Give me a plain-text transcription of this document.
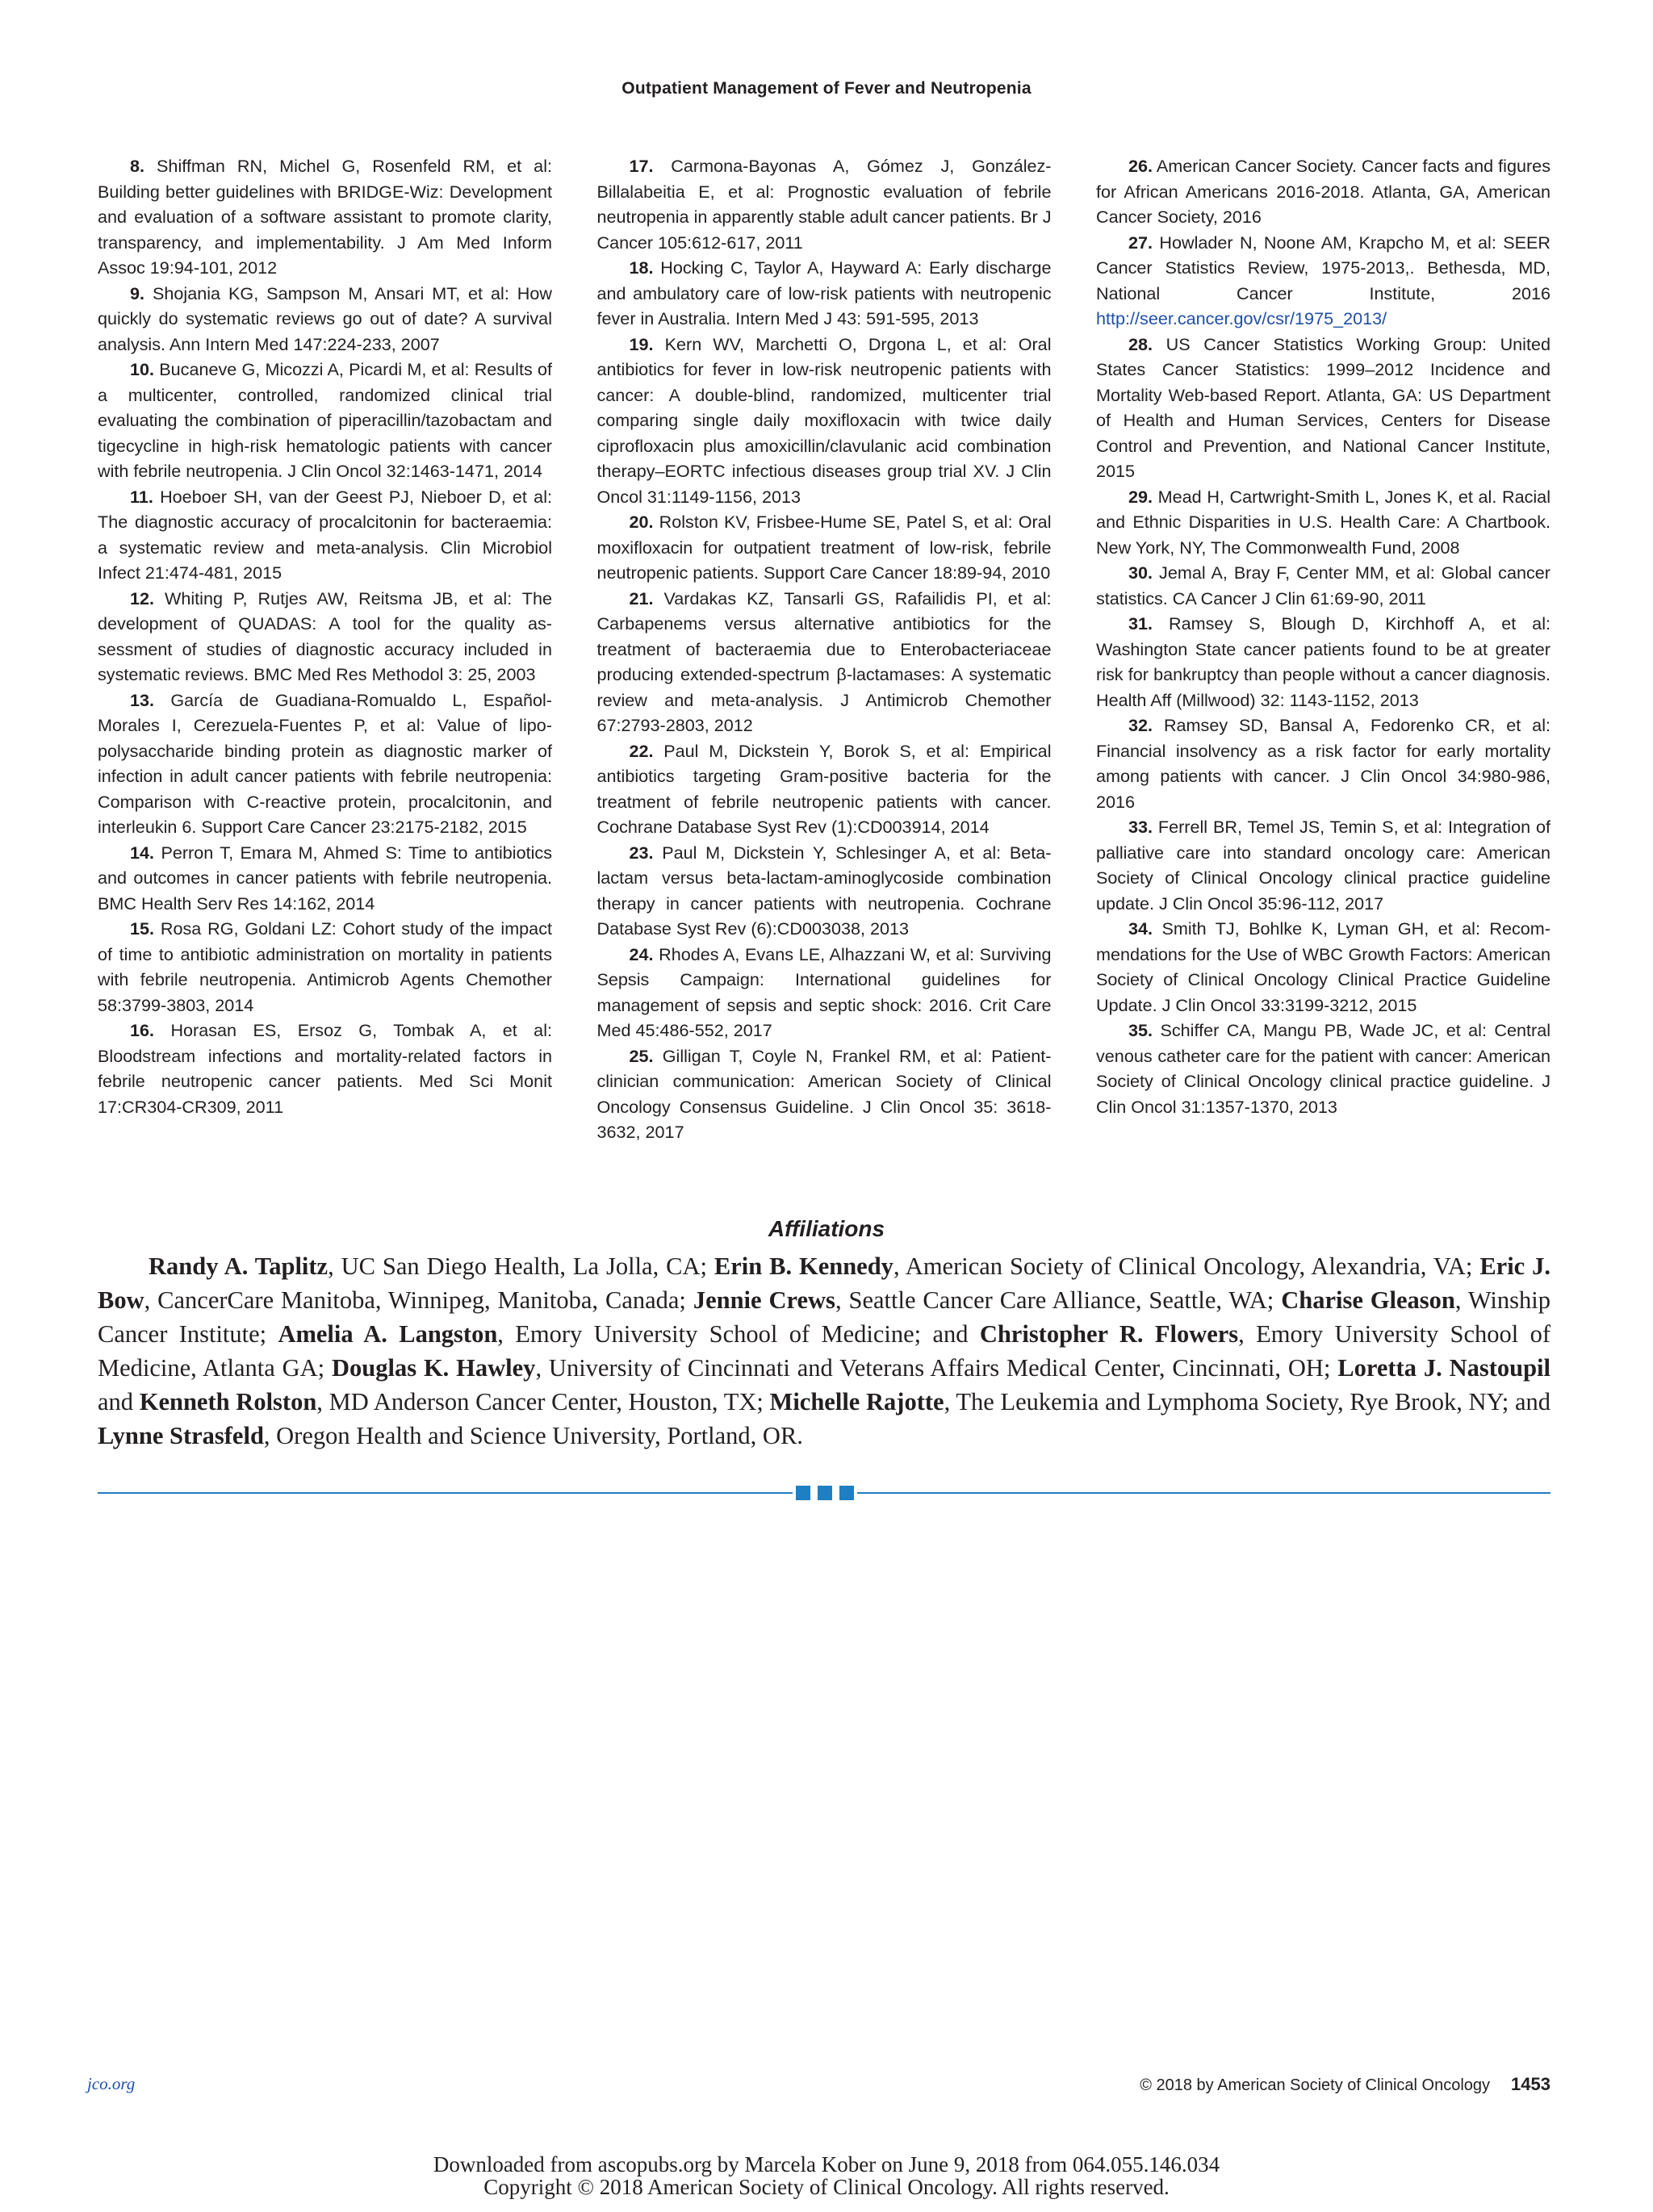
Outpatient Management of Fever and Neutropenia

8. Shiffman RN, Michel G, Rosenfeld RM, et al: Building better guidelines with BRIDGE-Wiz: Development and evaluation of a software assistant to promote clarity, transparency, and implementability. J Am Med Inform Assoc 19:94-101, 2012

9. Shojania KG, Sampson M, Ansari MT, et al: How quickly do systematic reviews go out of date? A survival analysis. Ann Intern Med 147:224-233, 2007

10. Bucaneve G, Micozzi A, Picardi M, et al: Results of a multicenter, controlled, randomized clinical trial evaluating the combination of piperacillin/tazobactam and tigecycline in high-risk hematologic patients with cancer with febrile neutropenia. J Clin Oncol 32:1463-1471, 2014

11. Hoeboer SH, van der Geest PJ, Nieboer D, et al: The diagnostic accuracy of procalcitonin for bacteraemia: a systematic review and meta-analysis. Clin Microbiol Infect 21:474-481, 2015

12. Whiting P, Rutjes AW, Reitsma JB, et al: The development of QUADAS: A tool for the quality assessment of studies of diagnostic accuracy included in systematic reviews. BMC Med Res Methodol 3: 25, 2003

13. García de Guadiana-Romualdo L, Español-Morales I, Cerezuela-Fuentes P, et al: Value of lipopolysaccharide binding protein as diagnostic marker of infection in adult cancer patients with febrile neutropenia: Comparison with C-reactive protein, procalcitonin, and interleukin 6. Support Care Cancer 23:2175-2182, 2015

14. Perron T, Emara M, Ahmed S: Time to antibiotics and outcomes in cancer patients with febrile neutropenia. BMC Health Serv Res 14:162, 2014

15. Rosa RG, Goldani LZ: Cohort study of the impact of time to antibiotic administration on mortality in patients with febrile neutropenia. Antimicrob Agents Chemother 58:3799-3803, 2014

16. Horasan ES, Ersoz G, Tombak A, et al: Bloodstream infections and mortality-related factors in febrile neutropenic cancer patients. Med Sci Monit 17:CR304-CR309, 2011

17. Carmona-Bayonas A, Gómez J, González-Billalabeitia E, et al: Prognostic evaluation of febrile neutropenia in apparently stable adult cancer patients. Br J Cancer 105:612-617, 2011

18. Hocking C, Taylor A, Hayward A: Early discharge and ambulatory care of low-risk patients with neutropenic fever in Australia. Intern Med J 43: 591-595, 2013

19. Kern WV, Marchetti O, Drgona L, et al: Oral antibiotics for fever in low-risk neutropenic patients with cancer: A double-blind, randomized, multicenter trial comparing single daily moxifloxacin with twice daily ciprofloxacin plus amoxicillin/clavulanic acid combination therapy–EORTC infectious diseases group trial XV. J Clin Oncol 31:1149-1156, 2013

20. Rolston KV, Frisbee-Hume SE, Patel S, et al: Oral moxifloxacin for outpatient treatment of low-risk, febrile neutropenic patients. Support Care Cancer 18:89-94, 2010

21. Vardakas KZ, Tansarli GS, Rafailidis PI, et al: Carbapenems versus alternative antibiotics for the treatment of bacteraemia due to Enterobacteriaceae producing extended-spectrum β-lactamases: A systematic review and meta-analysis. J Antimicrob Chemother 67:2793-2803, 2012

22. Paul M, Dickstein Y, Borok S, et al: Empirical antibiotics targeting Gram-positive bacteria for the treatment of febrile neutropenic patients with cancer. Cochrane Database Syst Rev (1):CD003914, 2014

23. Paul M, Dickstein Y, Schlesinger A, et al: Beta-lactam versus beta-lactam-aminoglycoside combination therapy in cancer patients with neutropenia. Cochrane Database Syst Rev (6):CD003038, 2013

24. Rhodes A, Evans LE, Alhazzani W, et al: Surviving Sepsis Campaign: International guidelines for management of sepsis and septic shock: 2016. Crit Care Med 45:486-552, 2017

25. Gilligan T, Coyle N, Frankel RM, et al: Patient-clinician communication: American Society of Clinical Oncology Consensus Guideline. J Clin Oncol 35: 3618-3632, 2017

26. American Cancer Society. Cancer facts and figures for African Americans 2016-2018. Atlanta, GA, American Cancer Society, 2016

27. Howlader N, Noone AM, Krapcho M, et al: SEER Cancer Statistics Review, 1975-2013,. Bethesda, MD, National Cancer Institute, 2016 http://seer.cancer.gov/csr/1975_2013/

28. US Cancer Statistics Working Group: United States Cancer Statistics: 1999–2012 Incidence and Mortality Web-based Report. Atlanta, GA: US Department of Health and Human Services, Centers for Disease Control and Prevention, and National Cancer Institute, 2015

29. Mead H, Cartwright-Smith L, Jones K, et al. Racial and Ethnic Disparities in U.S. Health Care: A Chartbook. New York, NY, The Commonwealth Fund, 2008

30. Jemal A, Bray F, Center MM, et al: Global cancer statistics. CA Cancer J Clin 61:69-90, 2011

31. Ramsey S, Blough D, Kirchhoff A, et al: Washington State cancer patients found to be at greater risk for bankruptcy than people without a cancer diagnosis. Health Aff (Millwood) 32: 1143-1152, 2013

32. Ramsey SD, Bansal A, Fedorenko CR, et al: Financial insolvency as a risk factor for early mortality among patients with cancer. J Clin Oncol 34:980-986, 2016

33. Ferrell BR, Temel JS, Temin S, et al: Integration of palliative care into standard oncology care: American Society of Clinical Oncology clinical practice guideline update. J Clin Oncol 35:96-112, 2017

34. Smith TJ, Bohlke K, Lyman GH, et al: Recommendations for the Use of WBC Growth Factors: American Society of Clinical Oncology Clinical Practice Guideline Update. J Clin Oncol 33:3199-3212, 2015

35. Schiffer CA, Mangu PB, Wade JC, et al: Central venous catheter care for the patient with cancer: American Society of Clinical Oncology clinical practice guideline. J Clin Oncol 31:1357-1370, 2013

Affiliations

Randy A. Taplitz, UC San Diego Health, La Jolla, CA; Erin B. Kennedy, American Society of Clinical Oncology, Alexandria, VA; Eric J. Bow, CancerCare Manitoba, Winnipeg, Manitoba, Canada; Jennie Crews, Seattle Cancer Care Alliance, Seattle, WA; Charise Gleason, Winship Cancer Institute; Amelia A. Langston, Emory University School of Medicine; and Christopher R. Flowers, Emory University School of Medicine, Atlanta GA; Douglas K. Hawley, University of Cincinnati and Veterans Affairs Medical Center, Cincinnati, OH; Loretta J. Nastoupil and Kenneth Rolston, MD Anderson Cancer Center, Houston, TX; Michelle Rajotte, The Leukemia and Lymphoma Society, Rye Brook, NY; and Lynne Strasfeld, Oregon Health and Science University, Portland, OR.

jco.org	© 2018 by American Society of Clinical Oncology 1453
Downloaded from ascopubs.org by Marcela Kober on June 9, 2018 from 064.055.146.034
Copyright © 2018 American Society of Clinical Oncology. All rights reserved.
